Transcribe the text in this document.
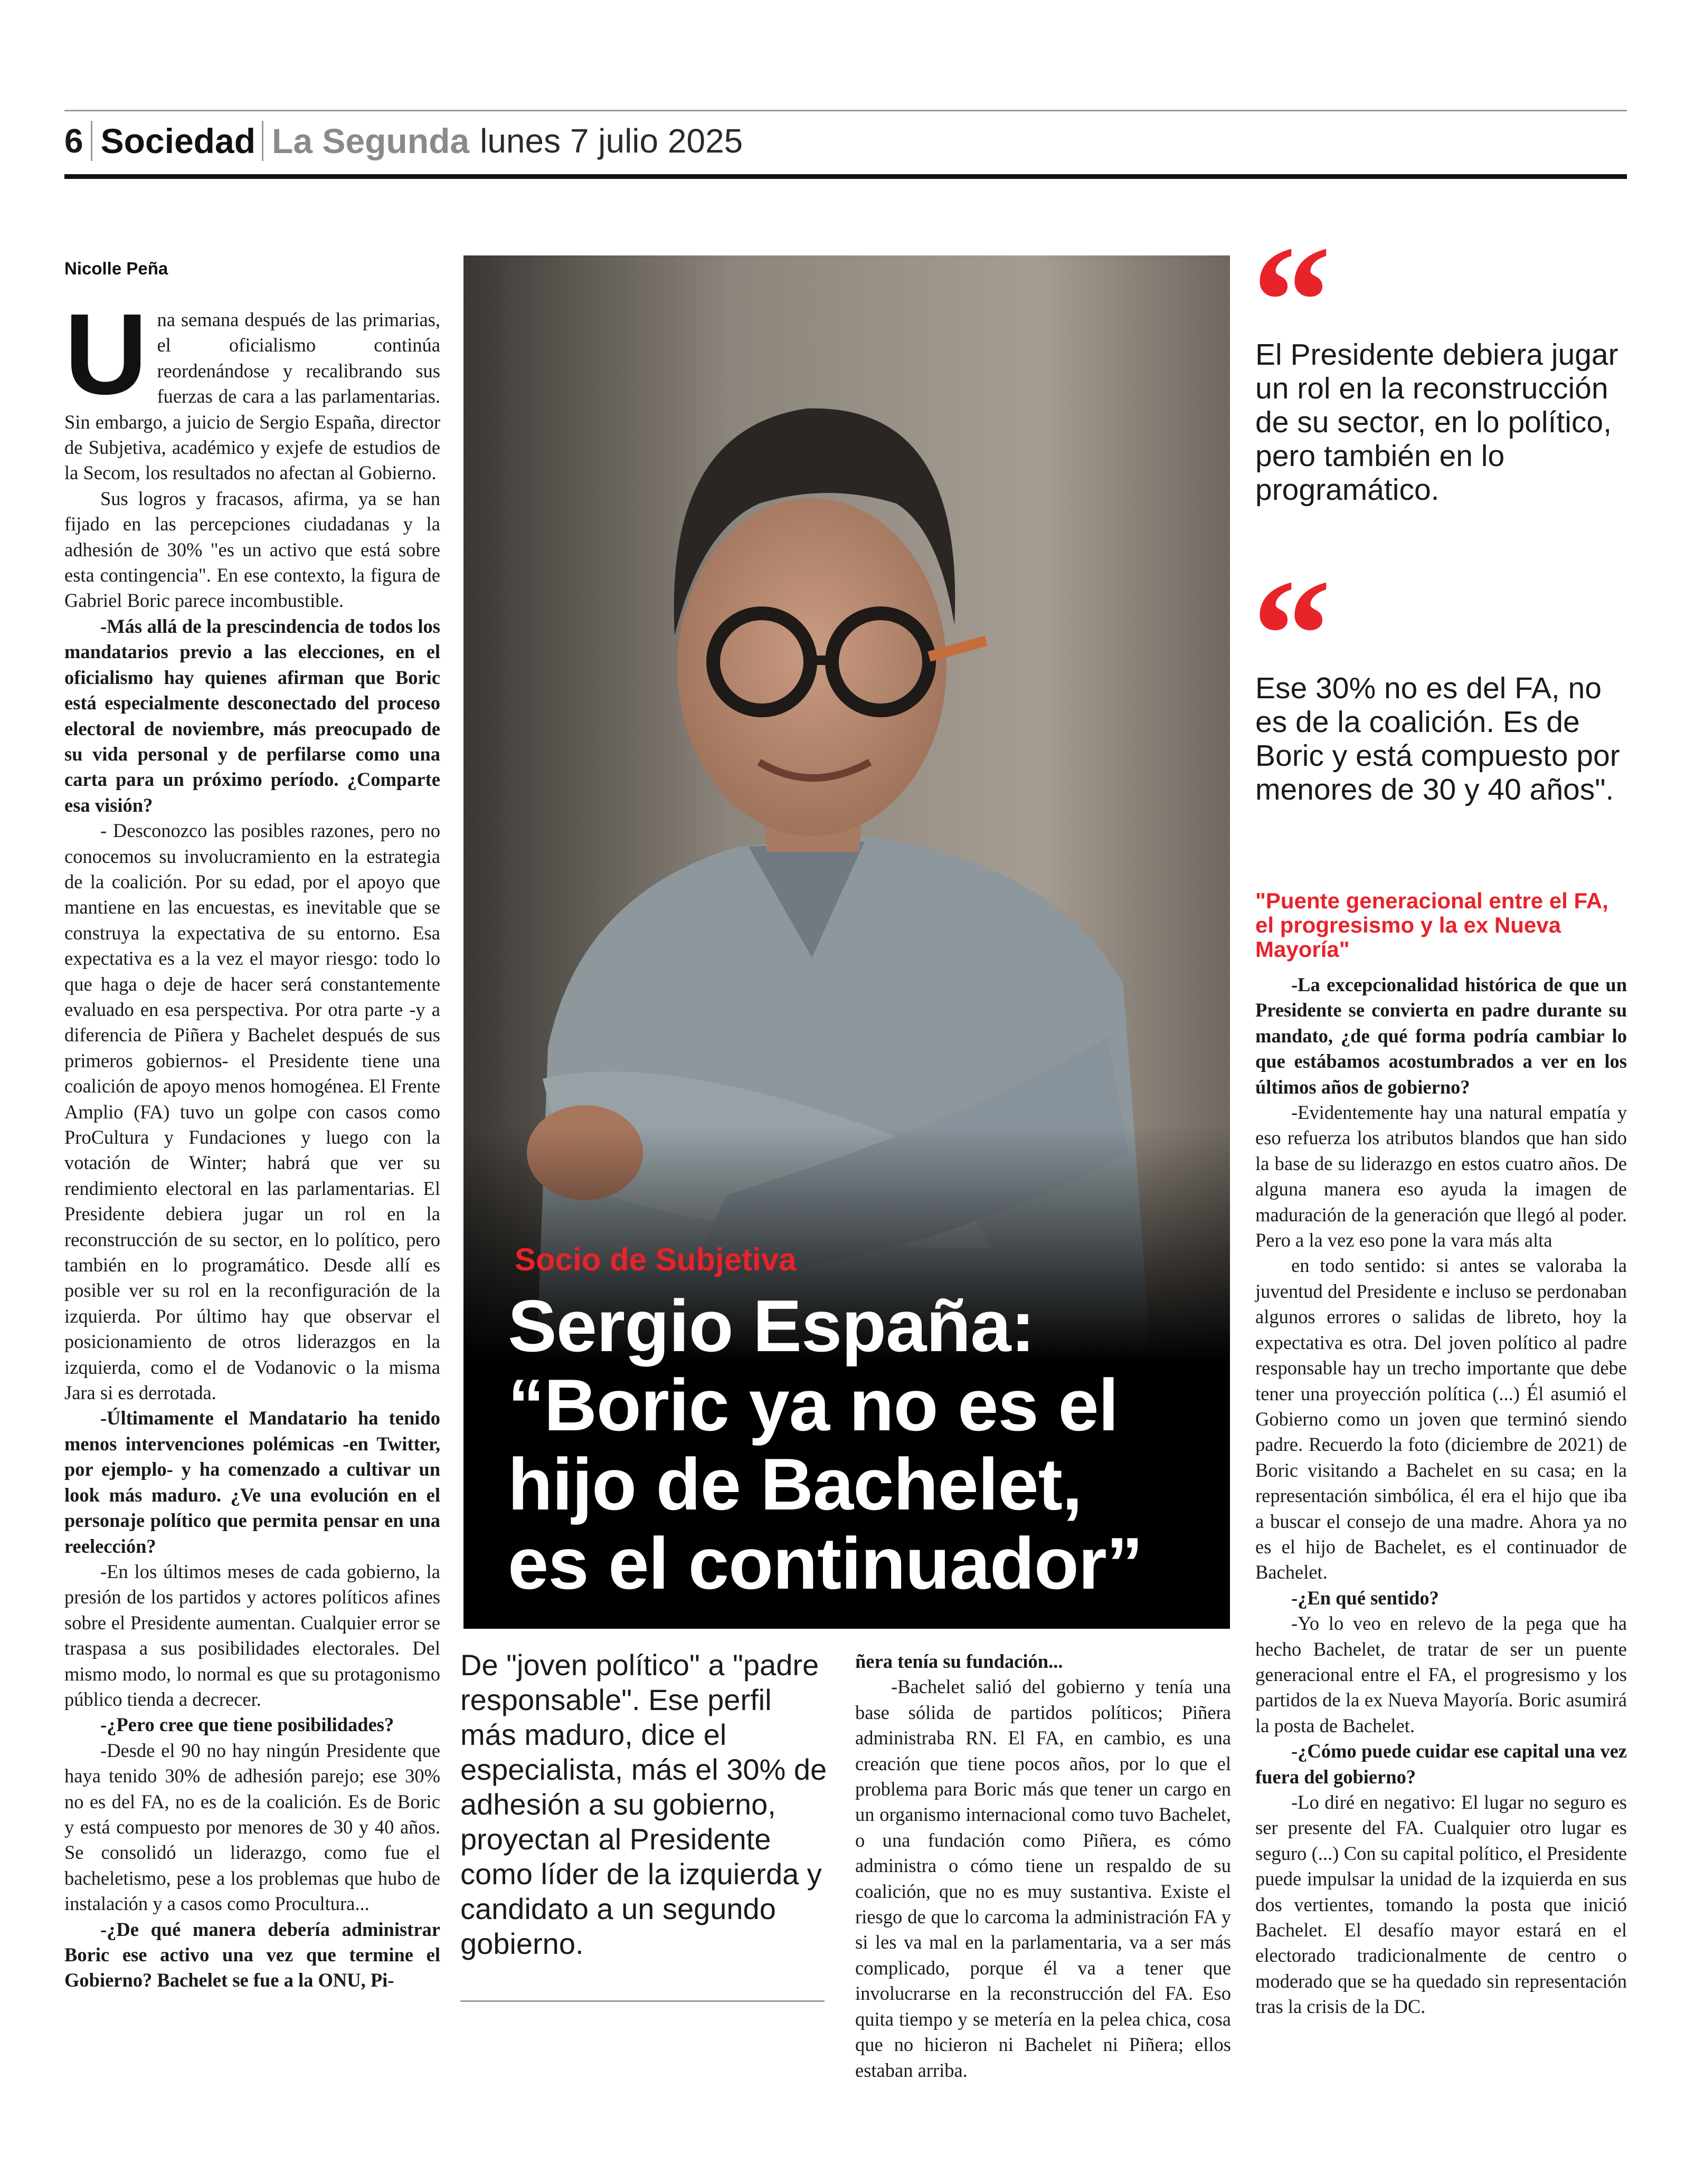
6 Sociedad La Segunda lunes 7 julio 2025
Nicolle Peña

Una semana después de las primarias, el oficialismo continúa reordenándose y recalibrando sus fuerzas de cara a las parlamentarias. Sin embargo, a juicio de Sergio España, director de Subjetiva, académico y exjefe de estudios de la Secom, los resultados no afectan al Gobierno.

Sus logros y fracasos, afirma, ya se han fijado en las percepciones ciudadanas y la adhesión de 30% "es un activo que está sobre esta contingencia". En ese contexto, la figura de Gabriel Boric parece incombustible.

-Más allá de la prescindencia de todos los mandatarios previo a las elecciones, en el oficialismo hay quienes afirman que Boric está especialmente desconectado del proceso electoral de noviembre, más preocupado de su vida personal y de perfilarse como una carta para un próximo período. ¿Comparte esa visión?

- Desconozco las posibles razones, pero no conocemos su involucramiento en la estrategia de la coalición. Por su edad, por el apoyo que mantiene en las encuestas, es inevitable que se construya la expectativa de su entorno. Esa expectativa es a la vez el mayor riesgo: todo lo que haga o deje de hacer será constantemente evaluado en esa perspectiva. Por otra parte -y a diferencia de Piñera y Bachelet después de sus primeros gobiernos- el Presidente tiene una coalición de apoyo menos homogénea. El Frente Amplio (FA) tuvo un golpe con casos como ProCultura y Fundaciones y luego con la votación de Winter; habrá que ver su rendimiento electoral en las parlamentarias. El Presidente debiera jugar un rol en la reconstrucción de su sector, en lo político, pero también en lo programático. Desde allí es posible ver su rol en la reconfiguración de la izquierda. Por último hay que observar el posicionamiento de otros liderazgos en la izquierda, como el de Vodanovic o la misma Jara si es derrotada.

-Últimamente el Mandatario ha tenido menos intervenciones polémicas -en Twitter, por ejemplo- y ha comenzado a cultivar un look más maduro. ¿Ve una evolución en el personaje político que permita pensar en una reelección?

-En los últimos meses de cada gobierno, la presión de los partidos y actores políticos afines sobre el Presidente aumentan. Cualquier error se traspasa a sus posibilidades electorales. Del mismo modo, lo normal es que su protagonismo público tienda a decrecer.

-¿Pero cree que tiene posibilidades?

-Desde el 90 no hay ningún Presidente que haya tenido 30% de adhesión parejo; ese 30% no es del FA, no es de la coalición. Es de Boric y está compuesto por menores de 30 y 40 años. Se consolidó un liderazgo, como fue el bacheletismo, pese a los problemas que hubo de instalación y a casos como Procultura...

-¿De qué manera debería administrar Boric ese activo una vez que termine el Gobierno? Bachelet se fue a la ONU, Pi-

Socio de Subjetiva
Sergio España:
“Boric ya no es el
hijo de Bachelet,
es el continuador”
De "joven político" a "padre responsable". Ese perfil más maduro, dice el especialista, más el 30% de adhesión a su gobierno, proyectan al Presidente como líder de la izquierda y candidato a un segundo gobierno.

ñera tenía su fundación...

-Bachelet salió del gobierno y tenía una base sólida de partidos políticos; Piñera administraba RN. El FA, en cambio, es una creación que tiene pocos años, por lo que el problema para Boric más que tener un cargo en un organismo internacional como tuvo Bachelet, o una fundación como Piñera, es cómo administra o cómo tiene un respaldo de su coalición, que no es muy sustantiva. Existe el riesgo de que lo carcoma la administración FA y si les va mal en la parlamentaria, va a ser más complicado, porque él va a tener que involucrarse en la reconstrucción del FA. Eso quita tiempo y se metería en la pelea chica, cosa que no hicieron ni Bachelet ni Piñera; ellos estaban arriba.

“
El Presidente debiera jugar un rol en la reconstrucción de su sector, en lo político, pero también en lo programático.
“
Ese 30% no es del FA, no es de la coalición. Es de Boric y está compuesto por menores de 30 y 40 años".
"Puente generacional entre el FA, el progresismo y la ex Nueva Mayoría"

-La excepcionalidad histórica de que un Presidente se convierta en padre durante su mandato, ¿de qué forma podría cambiar lo que estábamos acostumbrados a ver en los últimos años de gobierno?

-Evidentemente hay una natural empatía y eso refuerza los atributos blandos que han sido la base de su liderazgo en estos cuatro años. De alguna manera eso ayuda la imagen de maduración de la generación que llegó al poder. Pero a la vez eso pone la vara más alta

en todo sentido: si antes se valoraba la juventud del Presidente e incluso se perdonaban algunos errores o salidas de libreto, hoy la expectativa es otra. Del joven político al padre responsable hay un trecho importante que debe tener una proyección política (...) Él asumió el Gobierno como un joven que terminó siendo padre. Recuerdo la foto (diciembre de 2021) de Boric visitando a Bachelet en su casa; en la representación simbólica, él era el hijo que iba a buscar el consejo de una madre. Ahora ya no es el hijo de Bachelet, es el continuador de Bachelet.

-¿En qué sentido?

-Yo lo veo en relevo de la pega que ha hecho Bachelet, de tratar de ser un puente generacional entre el FA, el progresismo y los partidos de la ex Nueva Mayoría. Boric asumirá la posta de Bachelet.

-¿Cómo puede cuidar ese capital una vez fuera del gobierno?

-Lo diré en negativo: El lugar no seguro es ser presente del FA. Cualquier otro lugar es seguro (...) Con su capital político, el Presidente puede impulsar la unidad de la izquierda en sus dos vertientes, tomando la posta que inició Bachelet. El desafío mayor estará en el electorado tradicionalmente de centro o moderado que se ha quedado sin representación tras la crisis de la DC.
